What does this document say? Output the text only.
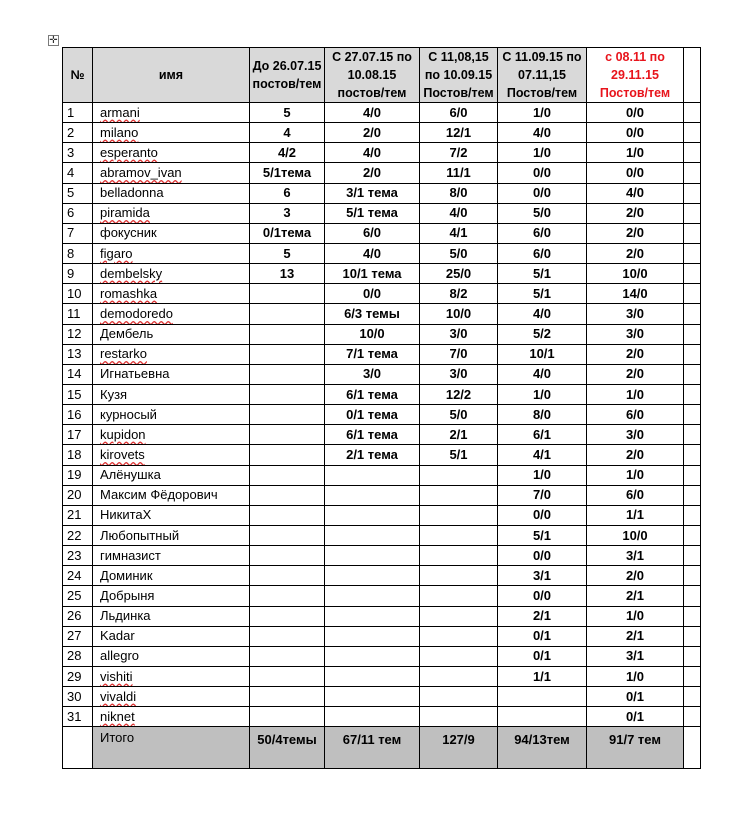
✛
№	имя	До 26.07.15 постов/тем	С 27.07.15 по 10.08.15 постов/тем	С 11,08,15 по 10.09.15 Постов/тем	С 11.09.15 по 07.11,15 Постов/тем	с 08.11 по 29.11.15 Постов/тем	
1	armani	5	4/0	6/0	1/0	0/0	
2	milano	4	2/0	12/1	4/0	0/0	
3	esperanto	4/2	4/0	7/2	1/0	1/0	
4	abramov_ivan	5/1тема	2/0	11/1	0/0	0/0	
5	belladonna	6	3/1 тема	8/0	0/0	4/0	
6	piramida	3	5/1 тема	4/0	5/0	2/0	
7	фокусник	0/1тема	6/0	4/1	6/0	2/0	
8	figaro	5	4/0	5/0	6/0	2/0	
9	dembelsky	13	10/1 тема	25/0	5/1	10/0	
10	romashka		0/0	8/2	5/1	14/0	
11	demodoredo		6/3 темы	10/0	4/0	3/0	
12	Дембель		10/0	3/0	5/2	3/0	
13	restarko		7/1 тема	7/0	10/1	2/0	
14	Игнатьевна		3/0	3/0	4/0	2/0	
15	Кузя		6/1 тема	12/2	1/0	1/0	
16	курносый		0/1 тема	5/0	8/0	6/0	
17	kupidon		6/1 тема	2/1	6/1	3/0	
18	kirovets		2/1 тема	5/1	4/1	2/0	
19	Алёнушка				1/0	1/0	
20	Максим Фёдорович				7/0	6/0	
21	НикитаХ				0/0	1/1	
22	Любопытный				5/1	10/0	
23	гимназист				0/0	3/1	
24	Доминик				3/1	2/0	
25	Добрыня				0/0	2/1	
26	Льдинка				2/1	1/0	
27	Kadar				0/1	2/1	
28	allegro				0/1	3/1	
29	vishiti				1/1	1/0	
30	vivaldi					0/1	
31	niknet					0/1	
	Итого	50/4темы	67/11 тем	127/9	94/13тем	91/7 тем	
